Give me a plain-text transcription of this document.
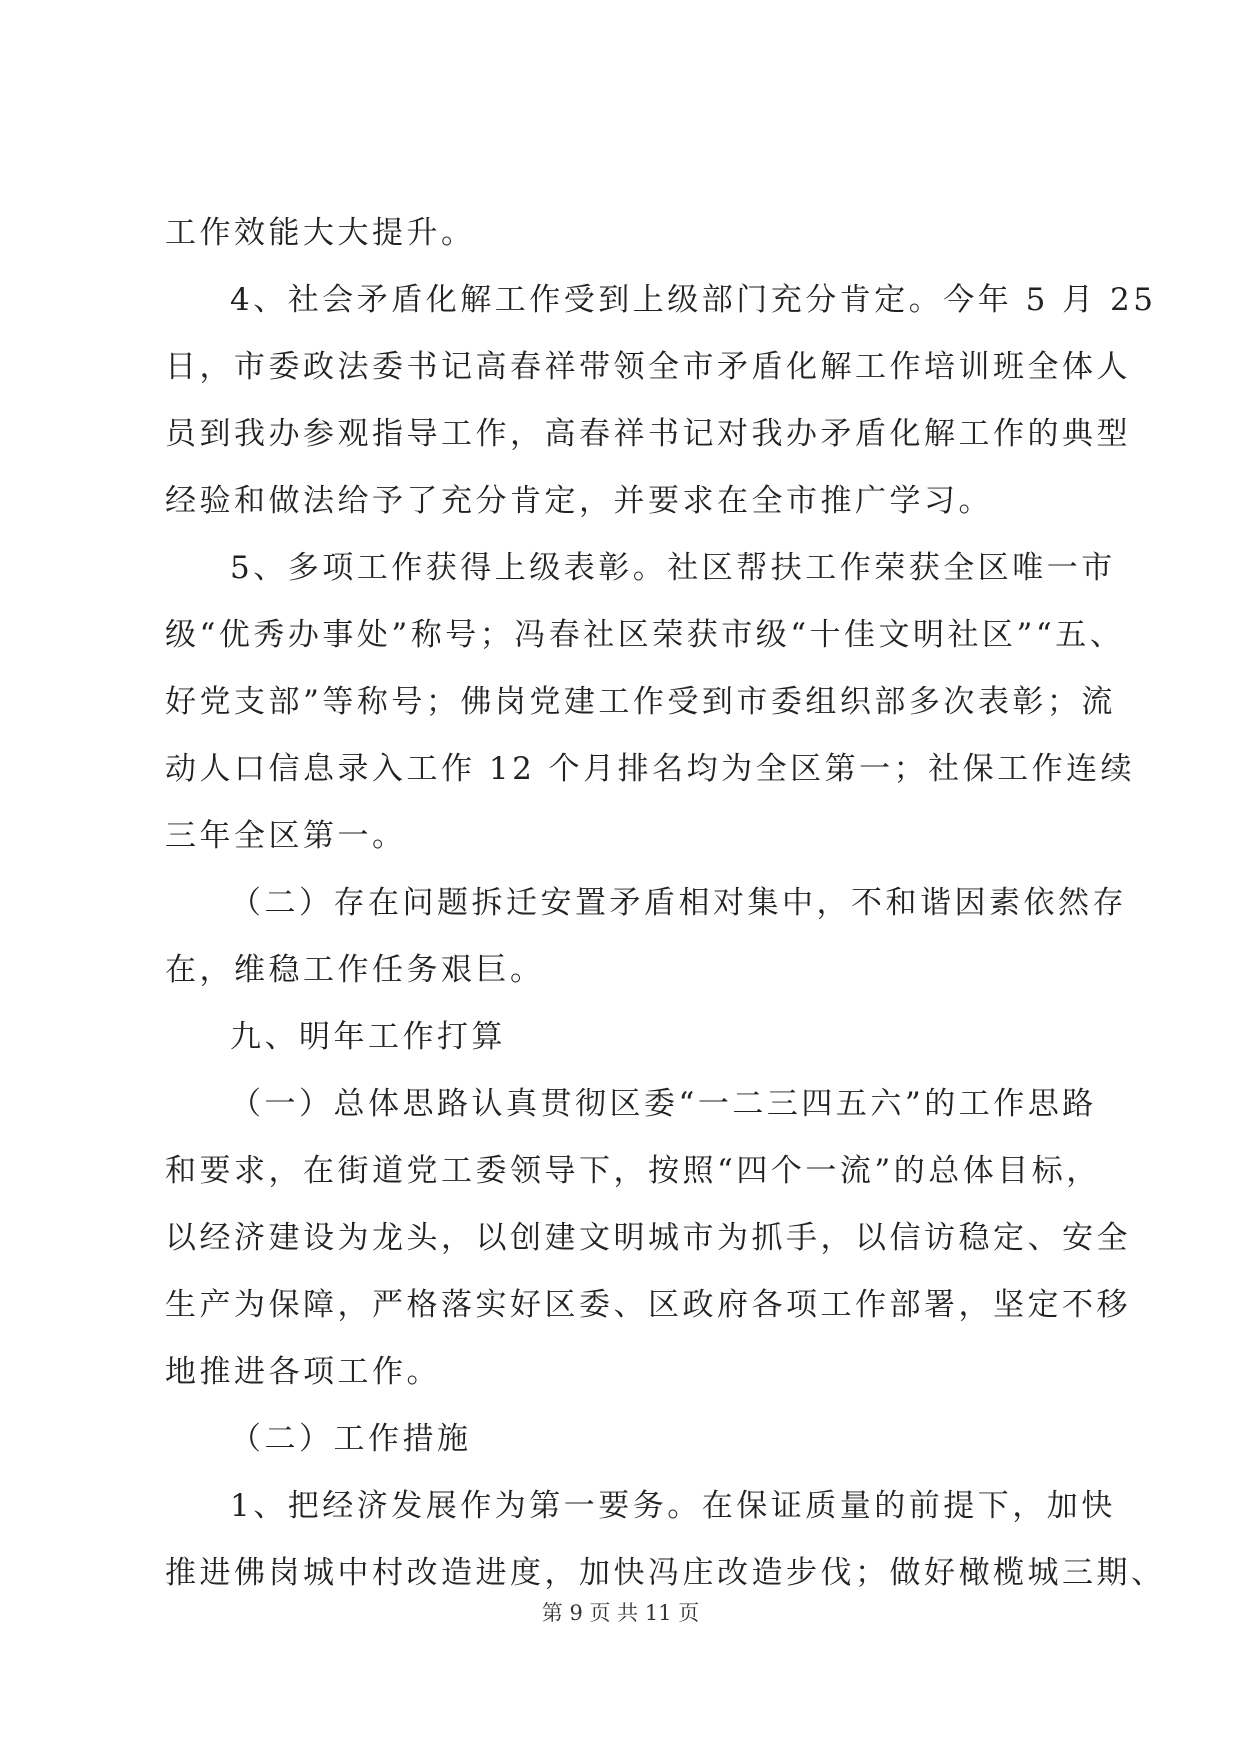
工作效能大大提升。
4、社会矛盾化解工作受到上级部门充分肯定。今年 5 月 25
日，市委政法委书记高春祥带领全市矛盾化解工作培训班全体人
员到我办参观指导工作，高春祥书记对我办矛盾化解工作的典型
经验和做法给予了充分肯定，并要求在全市推广学习。
5、多项工作获得上级表彰。社区帮扶工作荣获全区唯一市
级“优秀办事处”称号；冯春社区荣获市级“十佳文明社区”“五、
好党支部”等称号；佛岗党建工作受到市委组织部多次表彰；流
动人口信息录入工作 12 个月排名均为全区第一；社保工作连续
三年全区第一。
（二）存在问题拆迁安置矛盾相对集中，不和谐因素依然存
在，维稳工作任务艰巨。
九、明年工作打算
（一）总体思路认真贯彻区委“一二三四五六”的工作思路
和要求，在街道党工委领导下，按照“四个一流”的总体目标，
以经济建设为龙头，以创建文明城市为抓手，以信访稳定、安全
生产为保障，严格落实好区委、区政府各项工作部署，坚定不移
地推进各项工作。
（二）工作措施
1、把经济发展作为第一要务。在保证质量的前提下，加快
推进佛岗城中村改造进度，加快冯庄改造步伐；做好橄榄城三期、
第 9 页 共 11 页
